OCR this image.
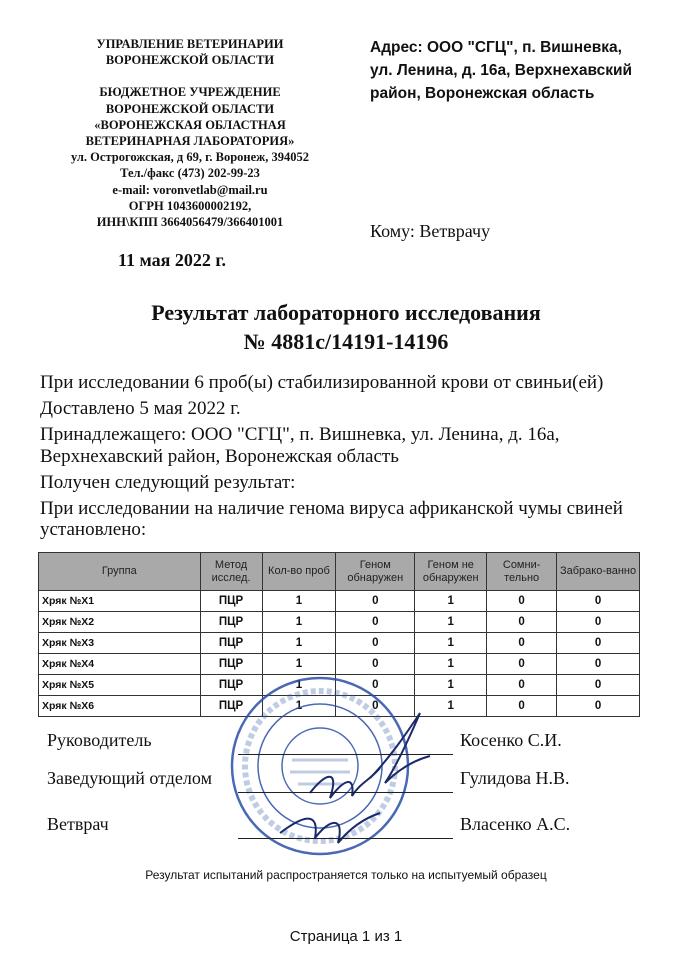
УПРАВЛЕНИЕ ВЕТЕРИНАРИИ
ВОРОНЕЖСКОЙ ОБЛАСТИ
БЮДЖЕТНОЕ УЧРЕЖДЕНИЕ
ВОРОНЕЖСКОЙ ОБЛАСТИ
«ВОРОНЕЖСКАЯ ОБЛАСТНАЯ
ВЕТЕРИНАРНАЯ ЛАБОРАТОРИЯ»
ул. Острогожская, д 69, г. Воронеж, 394052
Тел./факс (473) 202-99-23
e-mail: voronvetlab@mail.ru
ОГРН 1043600002192,
ИНН\КПП 3664056479/366401001
Адрес: ООО "СГЦ", п. Вишневка,
ул. Ленина, д. 16а, Верхнехавский
район, Воронежская область
Кому: Ветврачу
11 мая 2022 г.
Результат лабораторного исследования
№ 4881с/14191-14196

При исследовании 6 проб(ы) стабилизированной крови от свиньи(ей)

Доставлено 5 мая 2022 г.

Принадлежащего: ООО "СГЦ", п. Вишневка, ул. Ленина, д. 16а, Верхнехавский район, Воронежская область

Получен следующий результат:

При исследовании на наличие генома вируса африканской чумы свиней установлено:

Группа	Метод исслед.	Кол-во проб	Геном обнаружен	Геном не обнаружен	Сомни-тельно	Забрако-ванно
Хряк №X1	ПЦР	1	0	1	0	0
Хряк №X2	ПЦР	1	0	1	0	0
Хряк №X3	ПЦР	1	0	1	0	0
Хряк №X4	ПЦР	1	0	1	0	0
Хряк №X5	ПЦР	1	0	1	0	0
Хряк №X6	ПЦР	1	0	1	0	0
Руководитель	Косенко С.И.
Заведующий отделом	Гулидова Н.В.
Ветврач	Власенко А.С.
Результат испытаний распространяется только на испытуемый образец
Страница 1 из 1
